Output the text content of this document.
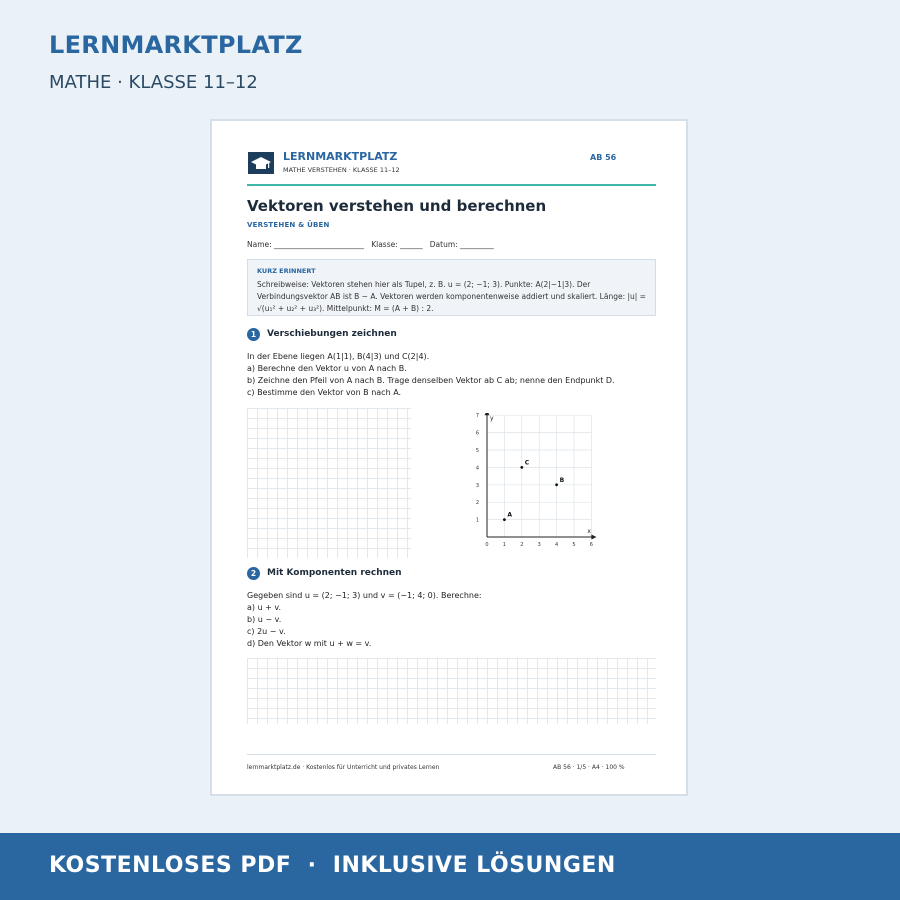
LERNMARKTPLATZ
MATHE · KLASSE 11–12
LERNMARKTPLATZ
MATHE VERSTEHEN · KLASSE 11–12
AB 56
Vektoren verstehen und berechnen
VERSTEHEN & ÜBEN
Name: ________________________   Klasse: ______   Datum: _________
KURZ ERINNERT
Schreibweise: Vektoren stehen hier als Tupel, z. B. u = (2; −1; 3). Punkte: A(2|−1|3). Der Verbindungsvektor AB ist B − A. Vektoren werden komponentenweise addiert und skaliert. Länge: |u| = √(u₁² + u₂² + u₃²). Mittelpunkt: M = (A + B) : 2.
1	Verschiebungen zeichnen
In der Ebene liegen A(1|1), B(4|3) und C(2|4).
a) Berechne den Vektor u von A nach B.
b) Zeichne den Pfeil von A nach B. Trage denselben Vektor ab C ab; nenne den Endpunkt D.
c) Bestimme den Vektor von B nach A.
x
y
0	1	2	3	4	5	6
1
2
3
4
5
6
7
A
B
C
2	Mit Komponenten rechnen
Gegeben sind u = (2; −1; 3) und v = (−1; 4; 0). Berechne:
a) u + v.
b) u − v.
c) 2u − v.
d) Den Vektor w mit u + w = v.
lernmarktplatz.de · Kostenlos für Unterricht und privates Lernen	AB 56 · 1/5 · A4 · 100 %
KOSTENLOSES PDF  ·  INKLUSIVE LÖSUNGEN
